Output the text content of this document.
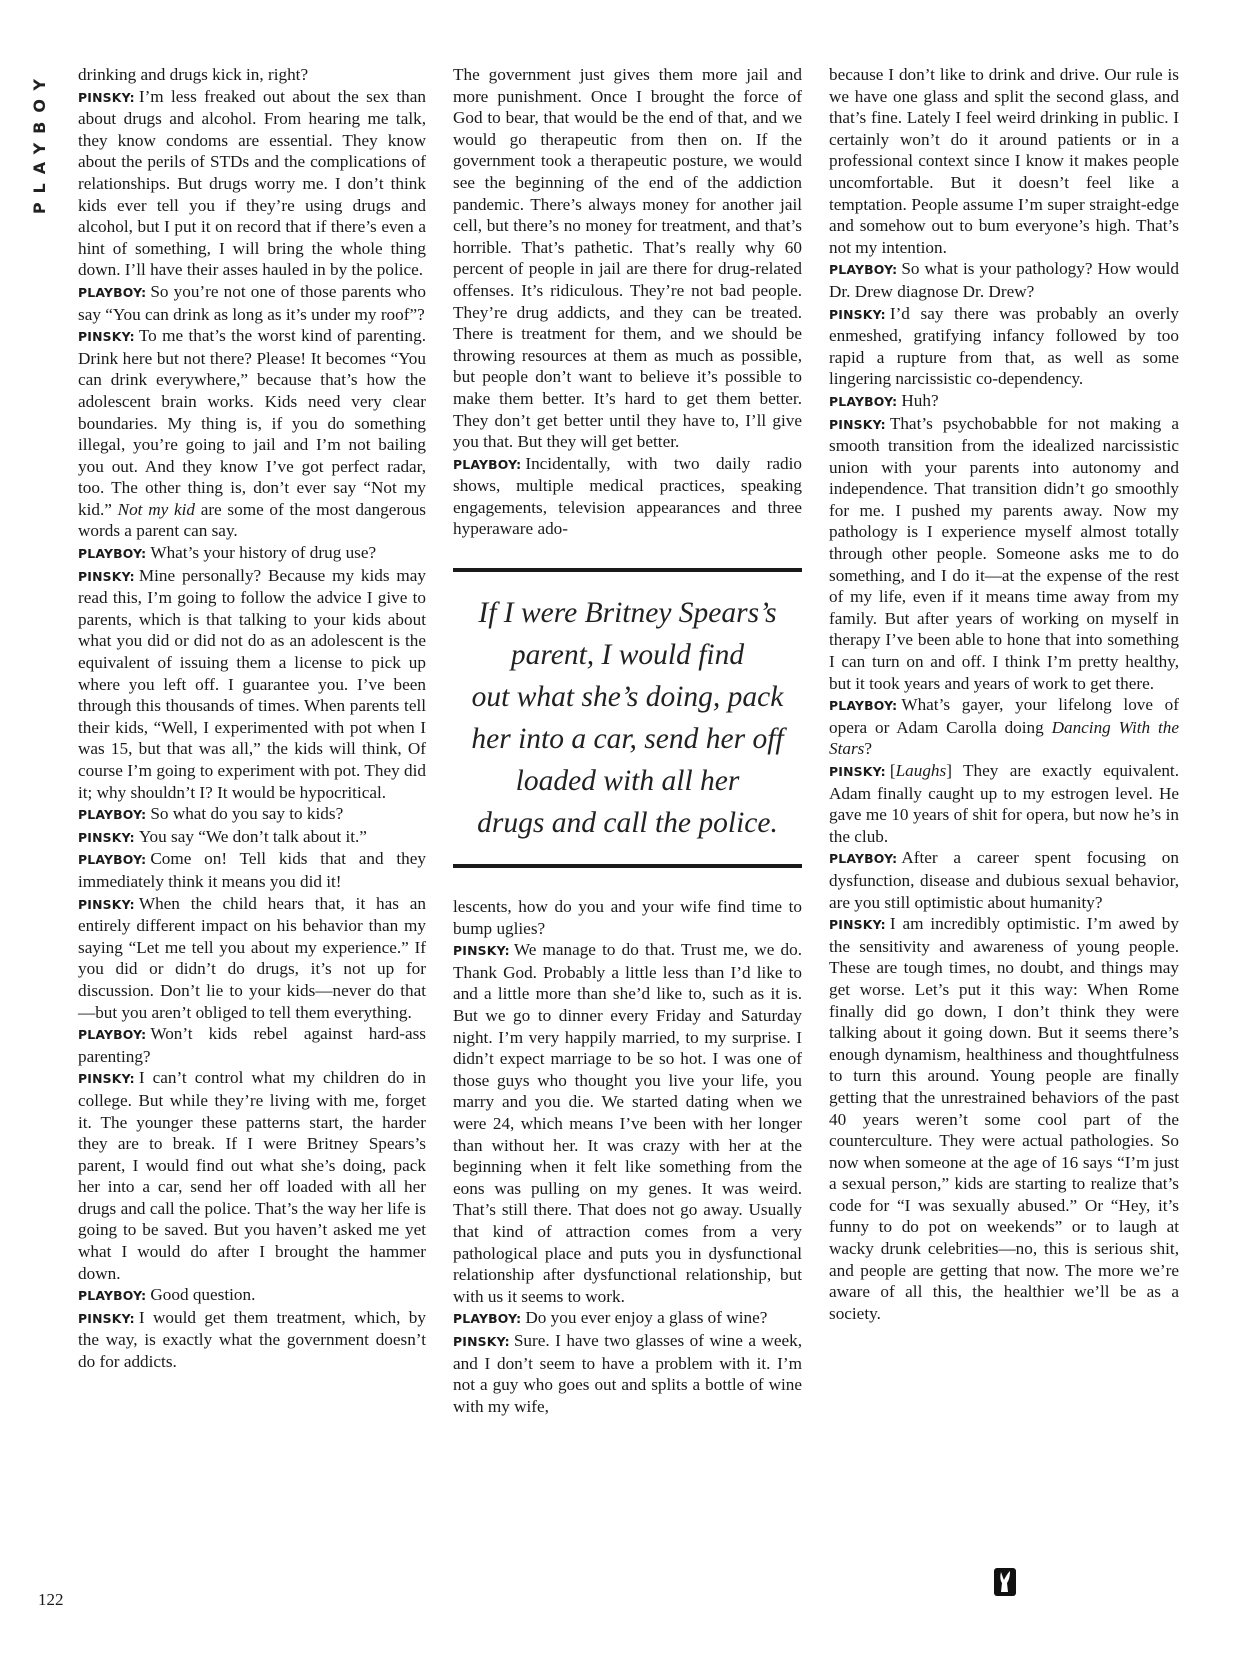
PLAYBOY drinking and drugs kick in, right?

PINSKY: I’m less freaked out about the sex than about drugs and alcohol. From hearing me talk, they know condoms are essential. They know about the perils of STDs and the complications of relationships. But drugs worry me. I don’t think kids ever tell you if they’re using drugs and alcohol, but I put it on record that if there’s even a hint of something, I will bring the whole thing down. I’ll have their asses hauled in by the police.

PLAYBOY: So you’re not one of those parents who say “You can drink as long as it’s under my roof”?

PINSKY: To me that’s the worst kind of parenting. Drink here but not there? Please! It becomes “You can drink everywhere,” because that’s how the adolescent brain works. Kids need very clear boundaries. My thing is, if you do something illegal, you’re going to jail and I’m not bailing you out. And they know I’ve got perfect radar, too. The other thing is, don’t ever say “Not my kid.” Not my kid are some of the most dangerous words a parent can say.

PLAYBOY: What’s your history of drug use?

PINSKY: Mine personally? Because my kids may read this, I’m going to follow the advice I give to parents, which is that talking to your kids about what you did or did not do as an adolescent is the equivalent of issuing them a license to pick up where you left off. I guarantee you. I’ve been through this thousands of times. When parents tell their kids, “Well, I experimented with pot when I was 15, but that was all,” the kids will think, Of course I’m going to experiment with pot. They did it; why shouldn’t I? It would be hypocritical.

PLAYBOY: So what do you say to kids?

PINSKY: You say “We don’t talk about it.”

PLAYBOY: Come on! Tell kids that and they immediately think it means you did it!

PINSKY: When the child hears that, it has an entirely different impact on his behavior than my saying “Let me tell you about my experience.” If you did or didn’t do drugs, it’s not up for discussion. Don’t lie to your kids—never do that—but you aren’t obliged to tell them everything.

PLAYBOY: Won’t kids rebel against hard-ass parenting?

PINSKY: I can’t control what my children do in college. But while they’re living with me, forget it. The younger these patterns start, the harder they are to break. If I were Britney Spears’s parent, I would find out what she’s doing, pack her into a car, send her off loaded with all her drugs and call the police. That’s the way her life is going to be saved. But you haven’t asked me yet what I would do after I brought the hammer down.

PLAYBOY: Good question.

PINSKY: I would get them treatment, which, by the way, is exactly what the government doesn’t do for addicts.

The government just gives them more jail and more punishment. Once I brought the force of God to bear, that would be the end of that, and we would go therapeutic from then on. If the government took a therapeutic posture, we would see the beginning of the end of the addiction pandemic. There’s always money for another jail cell, but there’s no money for treatment, and that’s horrible. That’s pathetic. That’s really why 60 percent of people in jail are there for drug-related offenses. It’s ridiculous. They’re not bad people. They’re drug addicts, and they can be treated. There is treatment for them, and we should be throwing resources at them as much as possible, but people don’t want to believe it’s possible to make them better. It’s hard to get them better. They don’t get better until they have to, I’ll give you that. But they will get better.

PLAYBOY: Incidentally, with two daily radio shows, multiple medical practices, speaking engagements, television appearances and three hyperaware ado-

If I were Britney Spears’s
parent, I would find
out what she’s doing, pack
her into a car, send her off
loaded with all her
drugs and call the police.

lescents, how do you and your wife find time to bump uglies?

PINSKY: We manage to do that. Trust me, we do. Thank God. Probably a little less than I’d like to and a little more than she’d like to, such as it is. But we go to dinner every Friday and Saturday night. I’m very happily married, to my surprise. I didn’t expect marriage to be so hot. I was one of those guys who thought you live your life, you marry and you die. We started dating when we were 24, which means I’ve been with her longer than without her. It was crazy with her at the beginning when it felt like something from the eons was pulling on my genes. It was weird. That’s still there. That does not go away. Usually that kind of attraction comes from a very pathological place and puts you in dysfunctional relationship after dysfunctional relationship, but with us it seems to work.

PLAYBOY: Do you ever enjoy a glass of wine?

PINSKY: Sure. I have two glasses of wine a week, and I don’t seem to have a problem with it. I’m not a guy who goes out and splits a bottle of wine with my wife,

because I don’t like to drink and drive. Our rule is we have one glass and split the second glass, and that’s fine. Lately I feel weird drinking in public. I certainly won’t do it around patients or in a professional context since I know it makes people uncomfortable. But it doesn’t feel like a temptation. People assume I’m super straight-edge and somehow out to bum everyone’s high. That’s not my intention.

PLAYBOY: So what is your pathology? How would Dr. Drew diagnose Dr. Drew?

PINSKY: I’d say there was probably an overly enmeshed, gratifying infancy followed by too rapid a rupture from that, as well as some lingering narcissistic co-dependency.

PLAYBOY: Huh?

PINSKY: That’s psychobabble for not making a smooth transition from the idealized narcissistic union with your parents into autonomy and independence. That transition didn’t go smoothly for me. I pushed my parents away. Now my pathology is I experience myself almost totally through other people. Someone asks me to do something, and I do it—at the expense of the rest of my life, even if it means time away from my family. But after years of working on myself in therapy I’ve been able to hone that into something I can turn on and off. I think I’m pretty healthy, but it took years and years of work to get there.

PLAYBOY: What’s gayer, your lifelong love of opera or Adam Carolla doing Dancing With the Stars?

PINSKY: [Laughs] They are exactly equivalent. Adam finally caught up to my estrogen level. He gave me 10 years of shit for opera, but now he’s in the club.

PLAYBOY: After a career spent focusing on dysfunction, disease and dubious sexual behavior, are you still optimistic about humanity?

PINSKY: I am incredibly optimistic. I’m awed by the sensitivity and awareness of young people. These are tough times, no doubt, and things may get worse. Let’s put it this way: When Rome finally did go down, I don’t think they were talking about it going down. But it seems there’s enough dynamism, healthiness and thoughtfulness to turn this around. Young people are finally getting that the unrestrained behaviors of the past 40 years weren’t some cool part of the counterculture. They were actual pathologies. So now when someone at the age of 16 says “I’m just a sexual person,” kids are starting to realize that’s code for “I was sexually abused.” Or “Hey, it’s funny to do pot on weekends” or to laugh at wacky drunk celebrities—no, this is serious shit, and people are getting that now. The more we’re aware of all this, the healthier we’ll be as a society.

122
